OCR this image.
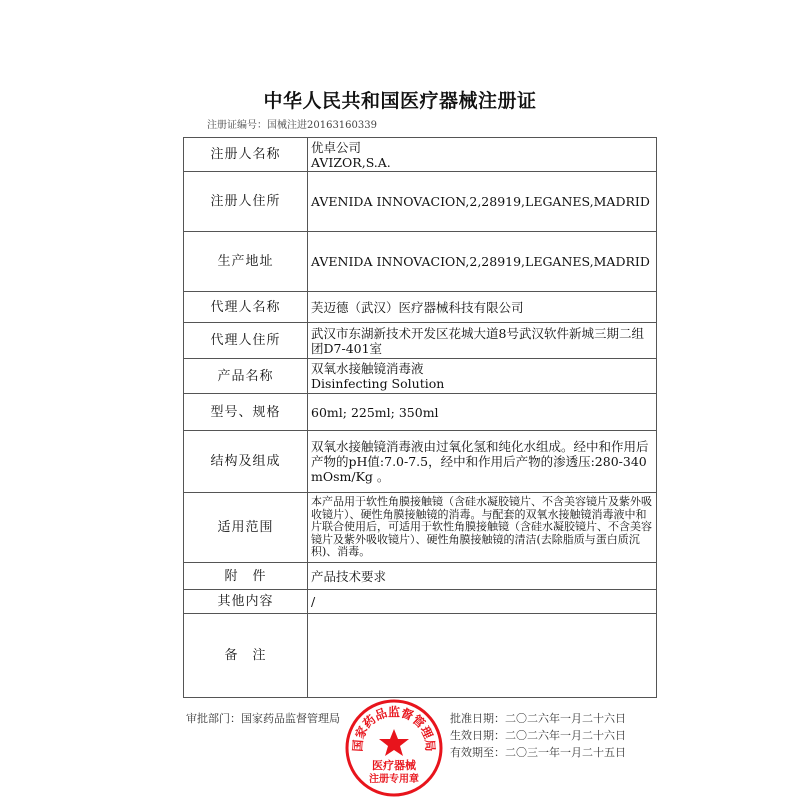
中华人民共和国医疗器械注册证
注册证编号：国械注进20163160339
注册人名称	优卓公司
AVIZOR,S.A.
注册人住所	AVENIDA INNOVACION,2,28919,LEGANES,MADRID
生产地址	AVENIDA INNOVACION,2,28919,LEGANES,MADRID
代理人名称	芙迈德（武汉）医疗器械科技有限公司
代理人住所	武汉市东湖新技术开发区花城大道8号武汉软件新城三期二组团D7-401室
产品名称	双氧水接触镜消毒液
Disinfecting Solution
型号、规格	60ml; 225ml; 350ml
结构及组成	双氧水接触镜消毒液由过氧化氢和纯化水组成。经中和作用后产物的pH值:7.0-7.5，经中和作用后产物的渗透压:280-340 mOsm/Kg 。
适用范围	本产品用于软性角膜接触镜（含硅水凝胶镜片、不含美容镜片及紫外吸收镜片）、硬性角膜接触镜的消毒。与配套的双氧水接触镜消毒液中和片联合使用后，可适用于软性角膜接触镜（含硅水凝胶镜片、不含美容镜片及紫外吸收镜片）、硬性角膜接触镜的清洁(去除脂质与蛋白质沉积)、消毒。
附　件	产品技术要求
其他内容	/
备　注	
审批部门：国家药品监督管理局	批准日期：二〇二六年一月二十六日
生效日期：二〇二六年一月二十六日
有效期至：二〇三一年一月二十五日
国家药品监督管理局
医疗器械
注册专用章
